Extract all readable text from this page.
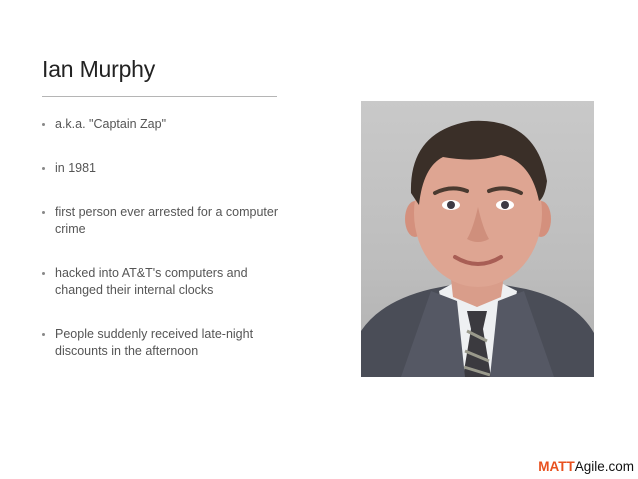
Ian Murphy
a.k.a. "Captain Zap"
in 1981
first person ever arrested for a computer crime
hacked into AT&T's computers and changed their internal clocks
People suddenly received late-night discounts in the afternoon
MATTAgile.com
